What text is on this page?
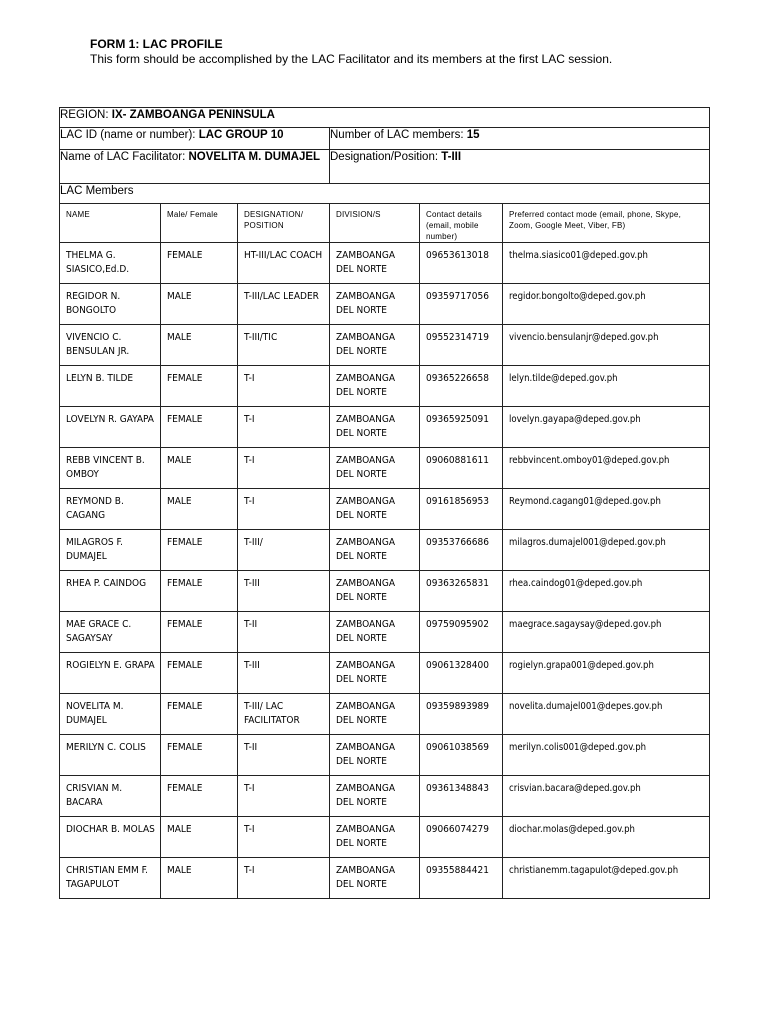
FORM 1: LAC PROFILE
This form should be accomplished by the LAC Facilitator and its members at the first LAC session.
REGION: IX- ZAMBOANGA PENINSULA					
LAC ID (name or number): LAC GROUP 10			Number of LAC members: 15		
Name of LAC Facilitator: NOVELITA M. DUMAJEL			Designation/Position: T-III		
LAC Members					
NAME	Male/ Female	DESIGNATION/ POSITION	DIVISION/S	Contact details (email, mobile number)	Preferred contact mode (email, phone, Skype, Zoom, Google Meet, Viber, FB)
THELMA G. SIASICO,Ed.D.	FEMALE	HT-III/LAC COACH	ZAMBOANGA DEL NORTE	09653613018	thelma.siasico01@deped.gov.ph
REGIDOR N. BONGOLTO	MALE	T-III/LAC LEADER	ZAMBOANGA DEL NORTE	09359717056	regidor.bongolto@deped.gov.ph
VIVENCIO C. BENSULAN JR.	MALE	T-III/TIC	ZAMBOANGA DEL NORTE	09552314719	vivencio.bensulanjr@deped.gov.ph
LELYN B. TILDE	FEMALE	T-I	ZAMBOANGA DEL NORTE	09365226658	lelyn.tilde@deped.gov.ph
LOVELYN R. GAYAPA	FEMALE	T-I	ZAMBOANGA DEL NORTE	09365925091	lovelyn.gayapa@deped.gov.ph
REBB VINCENT B. OMBOY	MALE	T-I	ZAMBOANGA DEL NORTE	09060881611	rebbvincent.omboy01@deped.gov.ph
REYMOND B. CAGANG	MALE	T-I	ZAMBOANGA DEL NORTE	09161856953	Reymond.cagang01@deped.gov.ph
MILAGROS F. DUMAJEL	FEMALE	T-III/	ZAMBOANGA DEL NORTE	09353766686	milagros.dumajel001@deped.gov.ph
RHEA P. CAINDOG	FEMALE	T-III	ZAMBOANGA DEL NORTE	09363265831	rhea.caindog01@deped.gov.ph
MAE GRACE C. SAGAYSAY	FEMALE	T-II	ZAMBOANGA DEL NORTE	09759095902	maegrace.sagaysay@deped.gov.ph
ROGIELYN E. GRAPA	FEMALE	T-III	ZAMBOANGA DEL NORTE	09061328400	rogielyn.grapa001@deped.gov.ph
NOVELITA M. DUMAJEL	FEMALE	T-III/ LAC FACILITATOR	ZAMBOANGA DEL NORTE	09359893989	novelita.dumajel001@depes.gov.ph
MERILYN C. COLIS	FEMALE	T-II	ZAMBOANGA DEL NORTE	09061038569	merilyn.colis001@deped.gov.ph
CRISVIAN M. BACARA	FEMALE	T-I	ZAMBOANGA DEL NORTE	09361348843	crisvian.bacara@deped.gov.ph
DIOCHAR B. MOLAS	MALE	T-I	ZAMBOANGA DEL NORTE	09066074279	diochar.molas@deped.gov.ph
CHRISTIAN EMM F. TAGAPULOT	MALE	T-I	ZAMBOANGA DEL NORTE	09355884421	christianemm.tagapulot@deped.gov.ph
